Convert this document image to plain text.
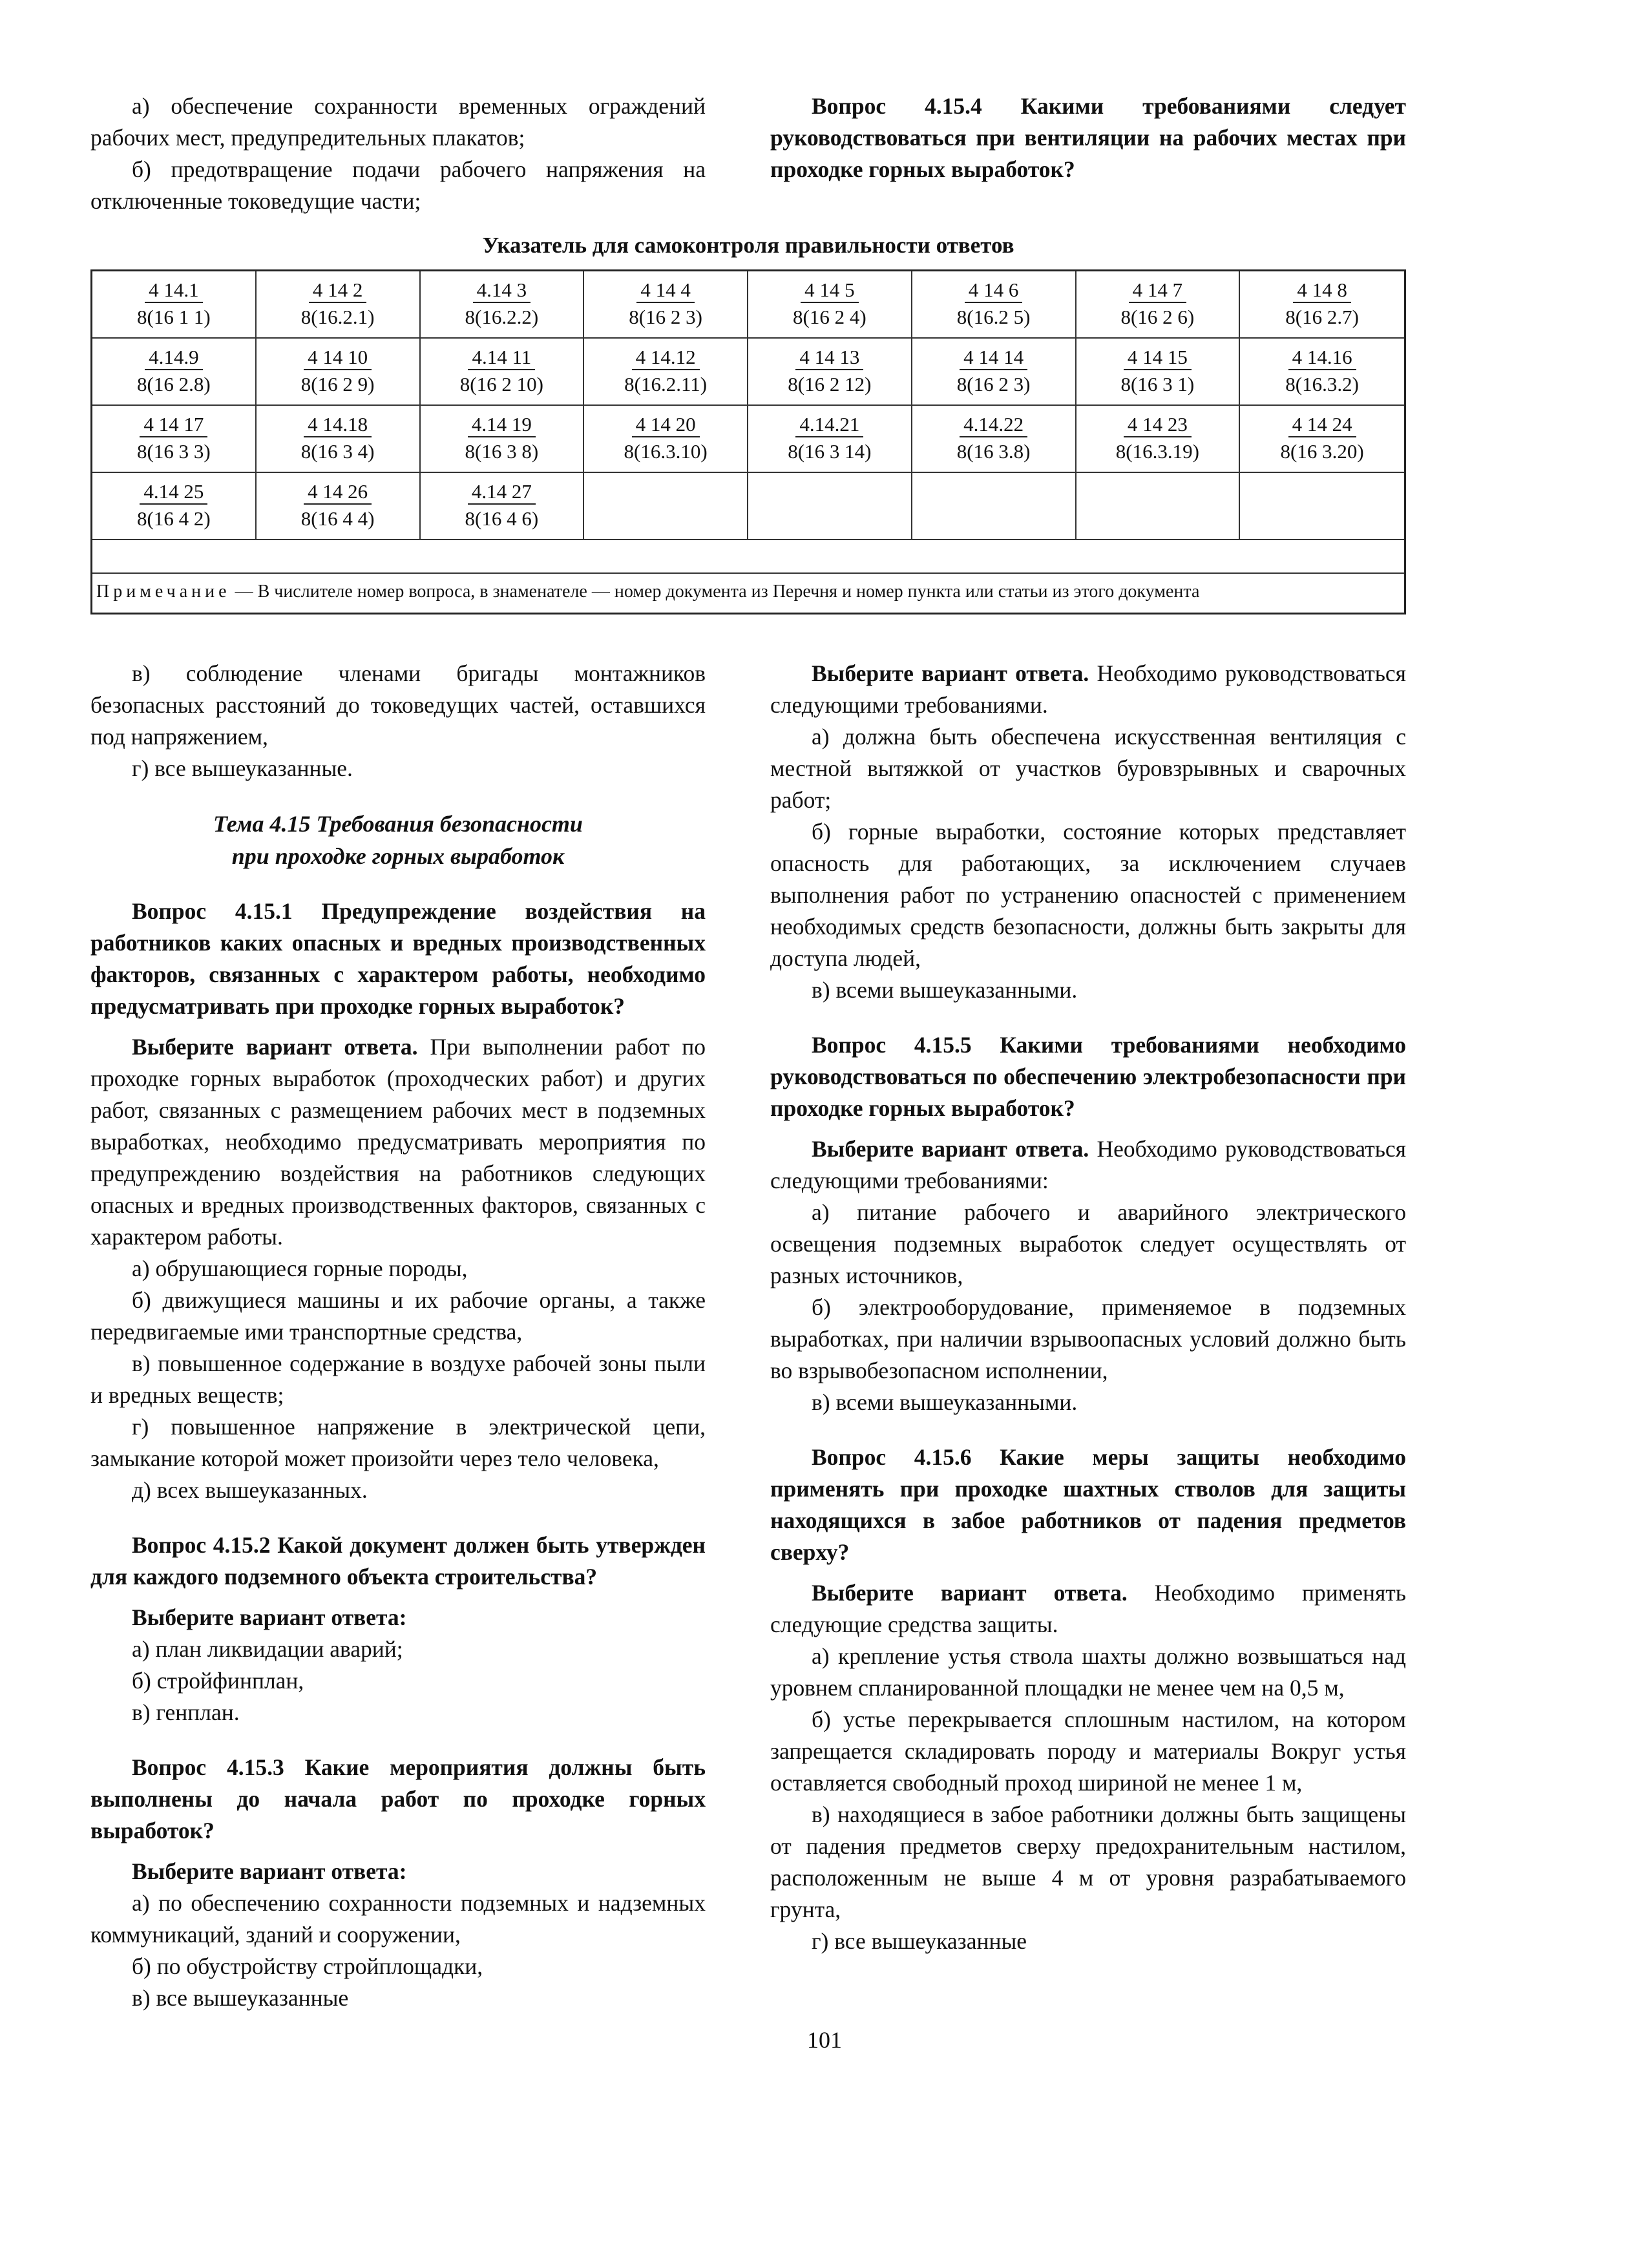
а) обеспечение сохранности временных ограждений рабочих мест, предупредительных плакатов;

б) предотвращение подачи рабочего напряжения на отключенные токоведущие части;

Вопрос 4.15.4 Какими требованиями следует руководствоваться при вентиляции на рабочих местах при проходке горных выработок?

Указатель для самоконтроля правильности ответов
$\frac{4 14.1}{8(16 1 1)} \frac{4 14 2}{8(16.2.1)} \frac{4.14 3}{8(16.2.2)} \frac{4 14 4}{8(16 2 3)} \frac{4 14 5}{8(16 2 4)} \frac{4 14 6}{8(16.2 5)} \frac{4 14 7}{8(16 2 6)} \frac{4 14 8}{8(16 2.7)}$
$\frac{4.14.9}{8(16 2.8)} \frac{4 14 10}{8(16 2 9)} \frac{4.14 11}{8(16 2 10)} \frac{4 14.12}{8(16.2.11)} \frac{4 14 13}{8(16 2 12)} \frac{4 14 14}{8(16 2 3)} \frac{4 14 15}{8(16 3 1)} \frac{4 14.16}{8(16.3.2)}$
$\frac{4 14 17}{8(16 3 3)} \frac{4 14.18}{8(16 3 4)} \frac{4.14 19}{8(16 3 8)} \frac{4 14 20}{8(16.3.10)} \frac{4.14.21}{8(16 3 14)} \frac{4.14.22}{8(16 3.8)} \frac{4 14 23}{8(16.3.19)} \frac{4 14 24}{8(16 3.20)}$
$\frac{4.14 25}{8(16 4 2)} \frac{4 14 26}{8(16 4 4)} \frac{4.14 27}{8(16 4 6)}$
Примечание — В числителе номер вопроса, в знаменателе — номер документа из Перечня и номер пункта или статьи из этого документа

в) соблюдение членами бригады монтажников безопасных расстояний до токоведущих частей, оставшихся под напряжением,

г) все вышеуказанные.

Тема 4.15 Требования безопасности
при проходке горных выработок

Вопрос 4.15.1 Предупреждение воздействия на работников каких опасных и вредных производственных факторов, связанных с характером работы, необходимо предусматривать при проходке горных выработок?

Выберите вариант ответа. При выполнении работ по проходке горных выработок (проходческих работ) и других работ, связанных с размещением рабочих мест в подземных выработках, необходимо предусматривать мероприятия по предупреждению воздействия на работников следующих опасных и вредных производственных факторов, связанных с характером работы.

а) обрушающиеся горные породы,

б) движущиеся машины и их рабочие органы, а также передвигаемые ими транспортные средства,

в) повышенное содержание в воздухе рабочей зоны пыли и вредных веществ;

г) повышенное напряжение в электрической цепи, замыкание которой может произойти через тело человека,

д) всех вышеуказанных.

Вопрос 4.15.2 Какой документ должен быть утвержден для каждого подземного объекта строительства?

Выберите вариант ответа:

а) план ликвидации аварий;

б) стройфинплан,

в) генплан.

Вопрос 4.15.3 Какие мероприятия должны быть выполнены до начала работ по проходке горных выработок?

Выберите вариант ответа:

а) по обеспечению сохранности подземных и надземных коммуникаций, зданий и сооружении,

б) по обустройству стройплощадки,

в) все вышеуказанные

Выберите вариант ответа. Необходимо руководствоваться следующими требованиями.

а) должна быть обеспечена искусственная вентиляция с местной вытяжкой от участков буровзрывных и сварочных работ;

б) горные выработки, состояние которых представляет опасность для работающих, за исключением случаев выполнения работ по устранению опасностей с применением необходимых средств безопасности, должны быть закрыты для доступа людей,

в) всеми вышеуказанными.

Вопрос 4.15.5 Какими требованиями необходимо руководствоваться по обеспечению электробезопасности при проходке горных выработок?

Выберите вариант ответа. Необходимо руководствоваться следующими требованиями:

а) питание рабочего и аварийного электрического освещения подземных выработок следует осуществлять от разных источников,

б) электрооборудование, применяемое в подземных выработках, при наличии взрывоопасных условий должно быть во взрывобезопасном исполнении,

в) всеми вышеуказанными.

Вопрос 4.15.6 Какие меры защиты необходимо применять при проходке шахтных стволов для защиты находящихся в забое работников от падения предметов сверху?

Выберите вариант ответа. Необходимо применять следующие средства защиты.

а) крепление устья ствола шахты должно возвышаться над уровнем спланированной площадки не менее чем на 0,5 м,

б) устье перекрывается сплошным настилом, на котором запрещается складировать породу и материалы Вокруг устья оставляется свободный проход шириной не менее 1 м,

в) находящиеся в забое работники должны быть защищены от падения предметов сверху предохранительным настилом, расположенным не выше 4 м от уровня разрабатываемого грунта,

г) все вышеуказанные

101
